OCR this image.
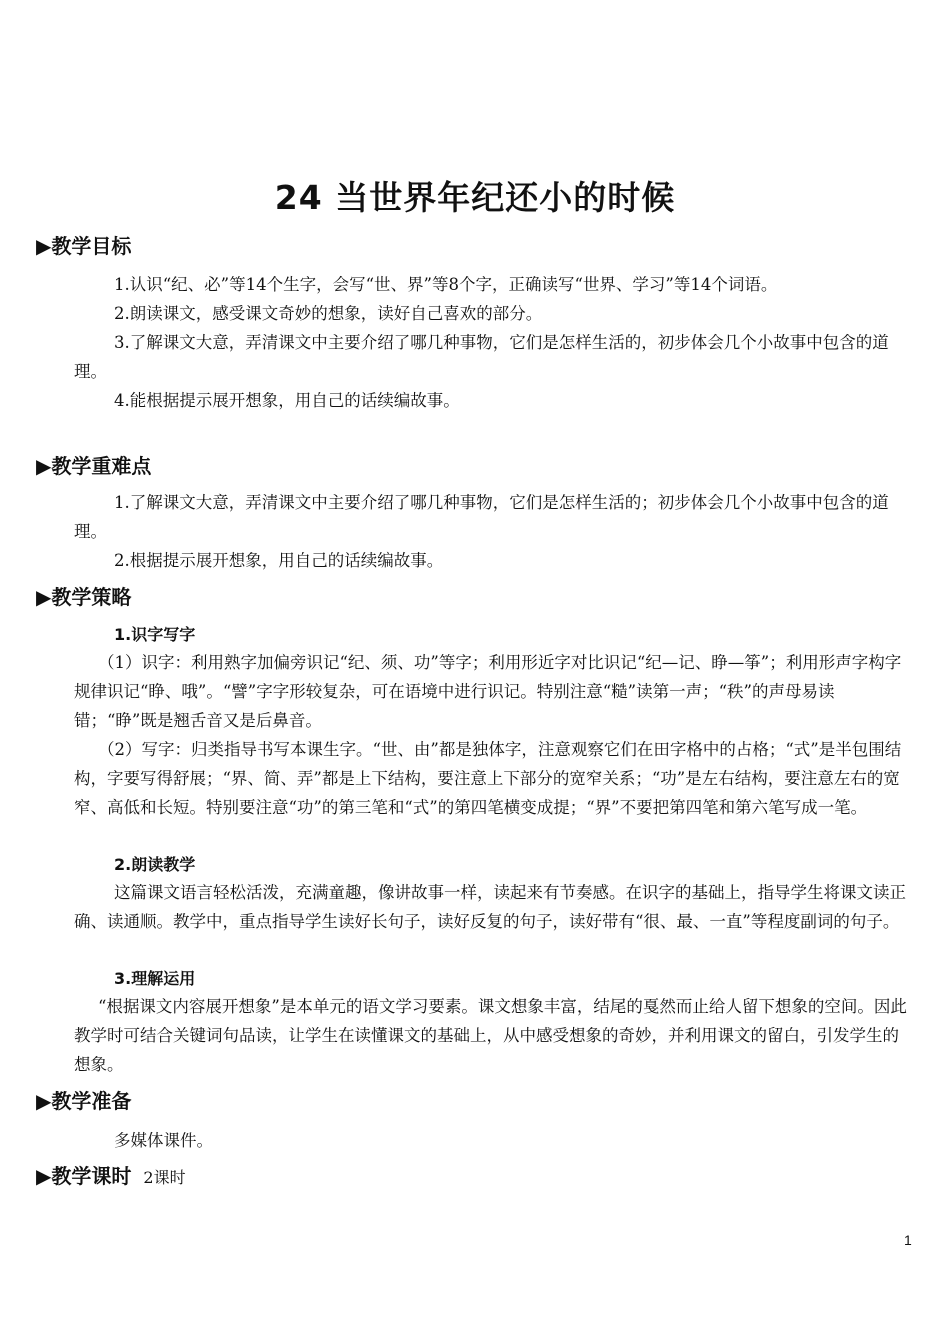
24 当世界年纪还小的时候
▶教学目标

1.认识“纪、必”等14个生字，会写“世、界”等8个字，正确读写“世界、学习”等14个词语。

2.朗读课文，感受课文奇妙的想象，读好自己喜欢的部分。

3.了解课文大意，弄清课文中主要介绍了哪几种事物，它们是怎样生活的，初步体会几个小故事中包含的道理。

4.能根据提示展开想象，用自己的话续编故事。

▶教学重难点

1.了解课文大意，弄清课文中主要介绍了哪几种事物，它们是怎样生活的；初步体会几个小故事中包含的道理。

2.根据提示展开想象，用自己的话续编故事。

▶教学策略
1.识字写字

（1）识字：利用熟字加偏旁识记“纪、须、功”等字；利用形近字对比识记“纪—记、睁—筝”；利用形声字构字规律识记“睁、哦”。“譬”字字形较复杂，可在语境中进行识记。特别注意“糙”读第一声；“秩”的声母易读错；“睁”既是翘舌音又是后鼻音。

（2）写字：归类指导书写本课生字。“世、由”都是独体字，注意观察它们在田字格中的占格；“式”是半包围结构，字要写得舒展；“界、简、弄”都是上下结构，要注意上下部分的宽窄关系；“功”是左右结构，要注意左右的宽窄、高低和长短。特别要注意“功”的第三笔和“式”的第四笔横变成提；“界”不要把第四笔和第六笔写成一笔。

2.朗读教学

这篇课文语言轻松活泼，充满童趣，像讲故事一样，读起来有节奏感。在识字的基础上，指导学生将课文读正确、读通顺。教学中，重点指导学生读好长句子，读好反复的句子，读好带有“很、最、一直”等程度副词的句子。

3.理解运用

“根据课文内容展开想象”是本单元的语文学习要素。课文想象丰富，结尾的戛然而止给人留下想象的空间。因此教学时可结合关键词句品读，让学生在读懂课文的基础上，从中感受想象的奇妙，并利用课文的留白，引发学生的想象。

▶教学准备

多媒体课件。

▶教学课时 2课时
1
